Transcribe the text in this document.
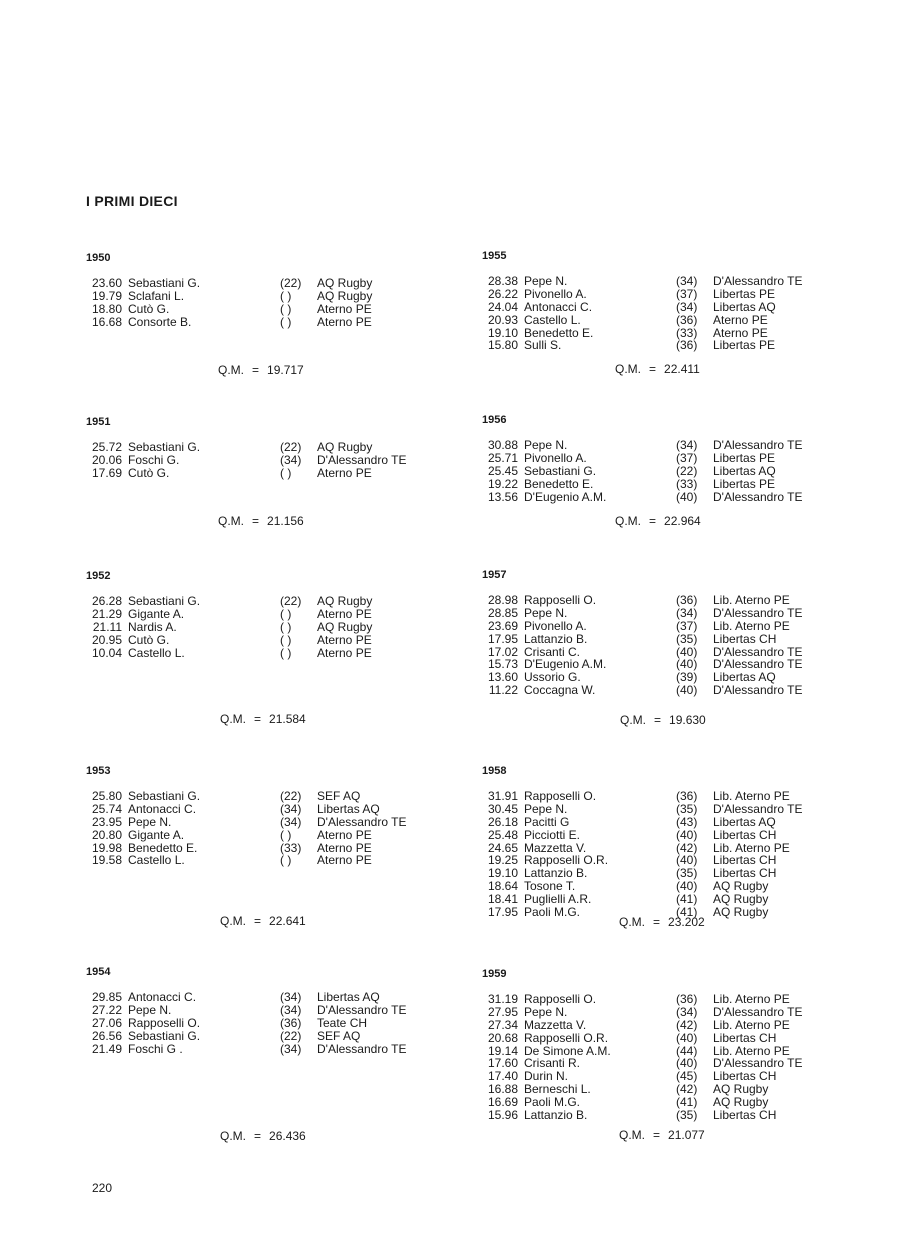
I PRIMI DIECI
1950
23.60 Sebastiani G.	(22)	AQ Rugby
19.79 Sclafani L.	( )	AQ Rugby
18.80 Cutò G.	( )	Aterno PE
16.68 Consorte B.	( )	Aterno PE
1951
25.72 Sebastiani G.	(22)	AQ Rugby
20.06 Foschi G.	(34)	D'Alessandro TE
17.69 Cutò G.	( )	Aterno PE
1952
26.28 Sebastiani G.	(22)	AQ Rugby
21.29 Gigante A.	( )	Aterno PE
21.11 Nardis A.	( )	AQ Rugby
20.95 Cutò G.	( )	Aterno PE
10.04 Castello L.	( )	Aterno PE
1953
25.80 Sebastiani G.	(22)	SEF AQ
25.74 Antonacci C.	(34)	Libertas AQ
23.95 Pepe N.	(34)	D'Alessandro TE
20.80 Gigante A.	( )	Aterno PE
19.98 Benedetto E.	(33)	Aterno PE
19.58 Castello L.	( )	Aterno PE
1954
29.85 Antonacci C.	(34)	Libertas AQ
27.22 Pepe N.	(34)	D'Alessandro TE
27.06 Rapposelli O.	(36)	Teate CH
26.56 Sebastiani G.	(22)	SEF AQ
21.49 Foschi G .	(34)	D'Alessandro TE
1955
28.38 Pepe N.	(34)	D'Alessandro TE
26.22 Pivonello A.	(37)	Libertas PE
24.04 Antonacci C.	(34)	Libertas AQ
20.93 Castello L.	(36)	Aterno PE
19.10 Benedetto E.	(33)	Aterno PE
15.80 Sulli S.	(36)	Libertas PE
1956
30.88 Pepe N.	(34)	D'Alessandro TE
25.71 Pivonello A.	(37)	Libertas PE
25.45 Sebastiani G.	(22)	Libertas AQ
19.22 Benedetto E.	(33)	Libertas PE
13.56 D'Eugenio A.M.	(40)	D'Alessandro TE
1957
28.98 Rapposelli O.	(36)	Lib. Aterno PE
28.85 Pepe N.	(34)	D'Alessandro TE
23.69 Pivonello A.	(37)	Lib. Aterno PE
17.95 Lattanzio B.	(35)	Libertas CH
17.02 Crisanti C.	(40)	D'Alessandro TE
15.73 D'Eugenio A.M.	(40)	D'Alessandro TE
13.60 Ussorio G.	(39)	Libertas AQ
11.22 Coccagna W.	(40)	D'Alessandro TE
1958
31.91 Rapposelli O.	(36)	Lib. Aterno PE
30.45 Pepe N.	(35)	D'Alessandro TE
26.18 Pacitti G	(43)	Libertas AQ
25.48 Picciotti E.	(40)	Libertas CH
24.65 Mazzetta V.	(42)	Lib. Aterno PE
19.25 Rapposelli O.R.	(40)	Libertas CH
19.10 Lattanzio B.	(35)	Libertas CH
18.64 Tosone T.	(40)	AQ Rugby
18.41 Puglielli A.R.	(41)	AQ Rugby
17.95 Paoli M.G.	(41)	AQ Rugby
1959
31.19 Rapposelli O.	(36)	Lib. Aterno PE
27.95 Pepe N.	(34)	D'Alessandro TE
27.34 Mazzetta V.	(42)	Lib. Aterno PE
20.68 Rapposelli O.R.	(40)	Libertas CH
19.14 De Simone A.M.	(44)	Lib. Aterno PE
17.60 Crisanti R.	(40)	D'Alessandro TE
17.40 Durin N.	(45)	Libertas CH
16.88 Berneschi L.	(42)	AQ Rugby
16.69 Paoli M.G.	(41)	AQ Rugby
15.96 Lattanzio B.	(35)	Libertas CH
Q.M. = 19.717
Q.M. = 21.156
Q.M. = 21.584
Q.M. = 22.641
Q.M. = 26.436
Q.M. = 22.411
Q.M. = 22.964
Q.M. = 19.630
Q.M. = 23.202
Q.M. = 21.077
220
